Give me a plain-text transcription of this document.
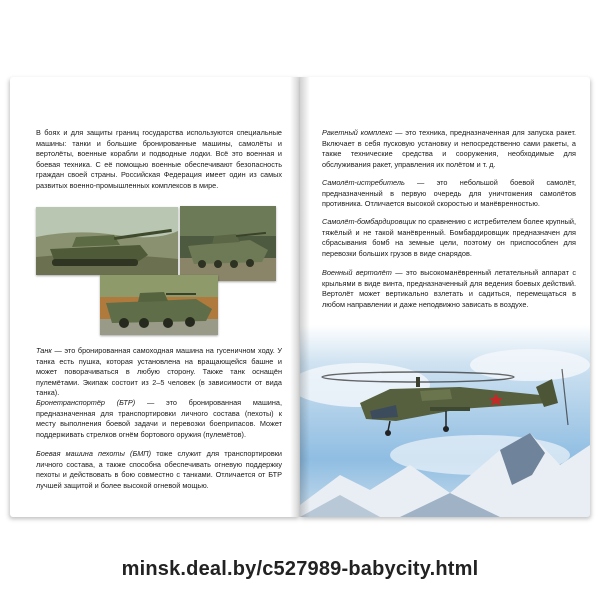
В боях и для защиты границ государства используются специальные машины: танки и большие бронированные машины, самолёты и вертолёты, военные корабли и подводные лодки. Всё это военная и боевая техника. С её помощью военные обеспечивают безопасность граждан своей страны. Российская Федерация имеет один из самых развитых военно-промышленных комплексов в мире.

Танк — это бронированная самоходная машина на гусеничном ходу. У танка есть пушка, которая установлена на вращающейся башне и может поворачиваться в любую сторону. Также танк оснащён пулемётами. Экипаж состоит из 2–5 человек (в зависимости от вида танка).

Бронетранспортёр (БТР) — это бронированная машина, предназначенная для транспортировки личного состава (пехоты) к месту выполнения боевой задачи и перевозки боеприпасов. Может поддерживать стрелков огнём бортового оружия (пулемётов).

Боевая машина пехоты (БМП) тоже служит для транспортировки личного состава, а также способна обеспечивать огневую поддержку пехоты и действовать в бою совместно с танками. Отличается от БТР лучшей защитой и более высокой огневой мощью.

Ракетный комплекс — это техника, предназначенная для запуска ракет. Включает в себя пусковую установку и непосредственно сами ракеты, а также технические средства и сооружения, необходимые для обслуживания ракет, управления их полётом и т. д.

Самолёт-истребитель — это небольшой боевой самолёт, предназначенный в первую очередь для уничтожения самолётов противника. Отличается высокой скоростью и манёвренностью.

Самолёт-бомбардировщик по сравнению с истребителем более крупный, тяжёлый и не такой манёвренный. Бомбардировщик предназначен для сбрасывания бомб на земные цели, поэтому он приспособлен для перевозки больших грузов в виде снарядов.

Военный вертолёт — это высокоманёвренный летательный аппарат с крыльями в виде винта, предназначенный для ведения боевых действий. Вертолёт может вертикально взлетать и садиться, перемещаться в любом направлении и даже неподвижно зависать в воздухе.

minsk.deal.by/c527989-babycity.html
